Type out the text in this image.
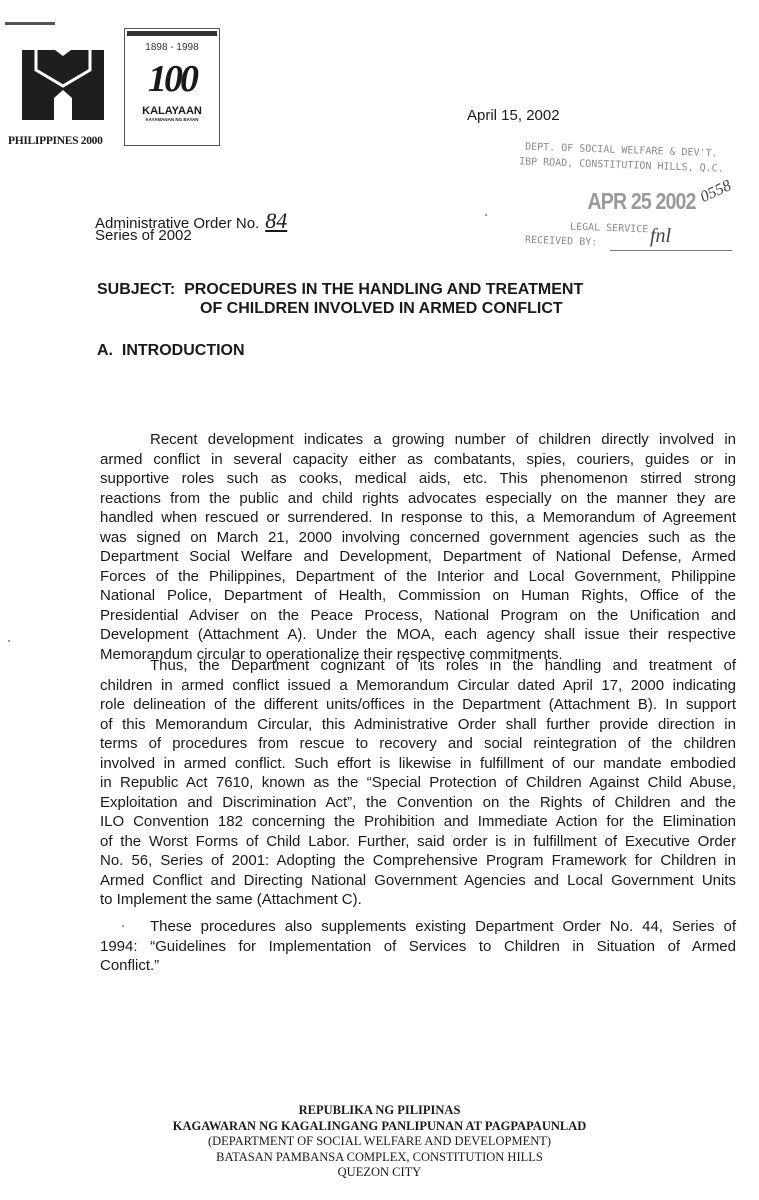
PHILIPPINES 2000
1898 - 1998
100
KALAYAAN
KAYAMANAN NG BAYAN	April 15, 2002
DEPT. OF SOCIAL WELFARE & DEV'T.
IBP ROAD, CONSTITUTION HILLS, Q.C.
APR 25 2002 0558
LEGAL SERVICE
RECEIVED BY:	fnl
Administrative Order No. 84
Series of 2002
SUBJECT:  PROCEDURES IN THE HANDLING AND TREATMENT
OF CHILDREN INVOLVED IN ARMED CONFLICT
A.  INTRODUCTION
Recent development indicates a growing number of children directly involved in
armed conflict in several capacity either as combatants, spies, couriers, guides or in
supportive roles such as cooks, medical aids, etc. This phenomenon stirred strong
reactions from the public and child rights advocates especially on the manner they are
handled when rescued or surrendered. In response to this, a Memorandum of Agreement
was signed on March 21, 2000 involving concerned government agencies such as the
Department Social Welfare and Development, Department of National Defense, Armed
Forces of the Philippines, Department of the Interior and Local Government, Philippine
National Police, Department of Health, Commission on Human Rights, Office of the
Presidential Adviser on the Peace Process, National Program on the Unification and
Development (Attachment A). Under the MOA, each agency shall issue their respective
Memorandum circular to operationalize their respective commitments.
Thus, the Department cognizant of its roles in the handling and treatment of
children in armed conflict issued a Memorandum Circular dated April 17, 2000 indicating
role delineation of the different units/offices in the Department (Attachment B). In support
of this Memorandum Circular, this Administrative Order shall further provide direction in
terms of procedures from rescue to recovery and social reintegration of the children
involved in armed conflict. Such effort is likewise in fulfillment of our mandate embodied
in Republic Act 7610, known as the “Special Protection of Children Against Child Abuse,
Exploitation and Discrimination Act”, the Convention on the Rights of Children and the
ILO Convention 182 concerning the Prohibition and Immediate Action for the Elimination
of the Worst Forms of Child Labor. Further, said order is in fulfillment of Executive Order
No. 56, Series of 2001: Adopting the Comprehensive Program Framework for Children in
Armed Conflict and Directing National Government Agencies and Local Government Units
to Implement the same (Attachment C).
These procedures also supplements existing Department Order No. 44, Series of
1994: “Guidelines for Implementation of Services to Children in Situation of Armed
Conflict.”
REPUBLIKA NG PILIPINAS
KAGAWARAN NG KAGALINGANG PANLIPUNAN AT PAGPAPAUNLAD
(DEPARTMENT OF SOCIAL WELFARE AND DEVELOPMENT)
BATASAN PAMBANSA COMPLEX, CONSTITUTION HILLS
QUEZON CITY
